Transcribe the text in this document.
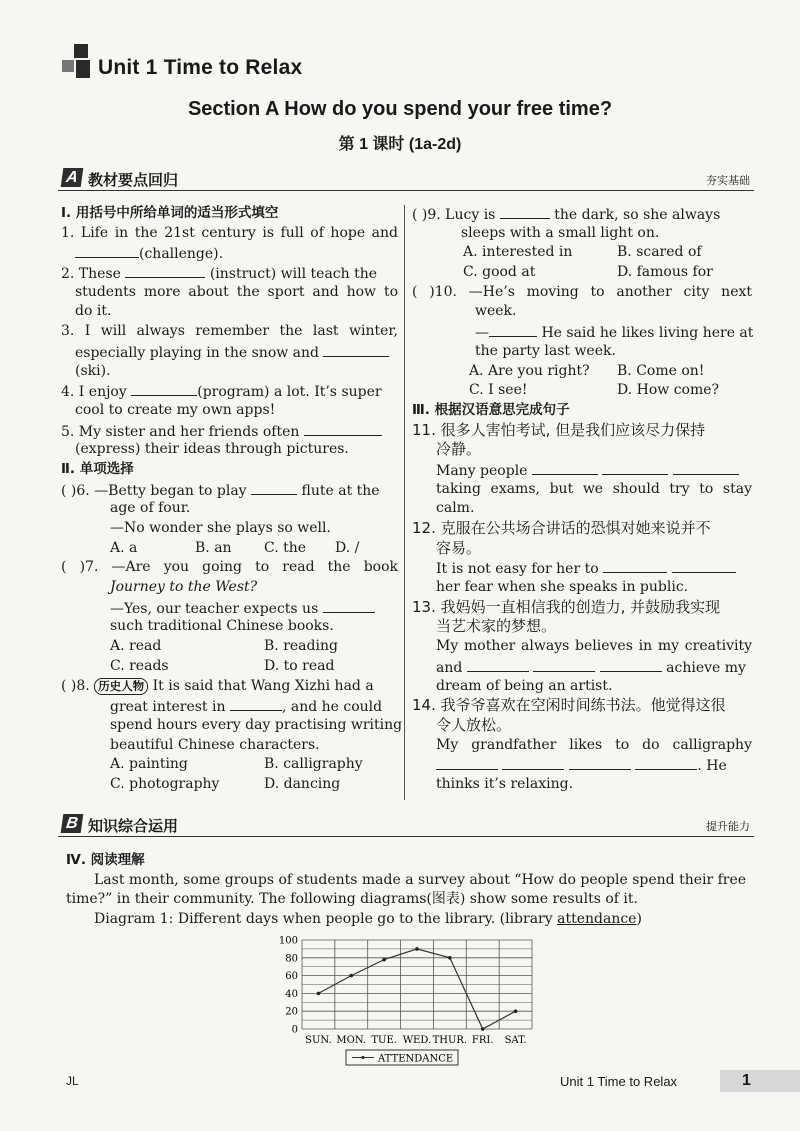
Unit 1 Time to Relax
Section A How do you spend your free time?
第 1 课时 (1a-2d)
A 教材要点回归	夯实基础
Ⅰ. 用括号中所给单词的适当形式填空
1. Life in the 21st century is full of hope and
(challenge).
2. These	(instruct) will teach the
students more about the sport and how to
do it.
3. I will always remember the last winter,
especially playing in the snow and
(ski).
4. I enjoy	(program) a lot. It’s super
cool to create my own apps!
5. My sister and her friends often
(express) their ideas through pictures.
Ⅱ. 单项选择
( )6. —Betty began to play	flute at the
age of four.
—No wonder she plays so well.
A. a	B. an C. the D. /
( )7. —Are you going to read the book
Journey to the West?
—Yes, our teacher expects us
such traditional Chinese books.
A. read	B. reading
C. reads	D. to read
( )8. 历史人物 It is said that Wang Xizhi had a
great interest in	, and he could
spend hours every day practising writing
beautiful Chinese characters.
A. painting	B. calligraphy
C. photography	D. dancing
( )9. Lucy is	the dark, so she always
sleeps with a small light on.
A. interested in	B. scared of
C. good at	D. famous for
( )10. —He’s moving to another city next
week.
—	He said he likes living here at
the party last week.
A. Are you right? B. Come on!
C. I see!	D. How come?
Ⅲ. 根据汉语意思完成句子
11. 很多人害怕考试, 但是我们应该尽力保持
冷静。
Many people
taking exams, but we should try to stay
calm.
12. 克服在公共场合讲话的恐惧对她来说并不
容易。
It is not easy for her to
her fear when she speaks in public.
13. 我妈妈一直相信我的创造力, 并鼓励我实现
当艺术家的梦想。
My mother always believes in my creativity
and	achieve my
dream of being an artist.
14. 我爷爷喜欢在空闲时间练书法。他觉得这很
令人放松。
My grandfather likes to do calligraphy
. He
thinks it’s relaxing.
B 知识综合运用	提升能力
Ⅳ. 阅读理解
Last month, some groups of students made a survey about “How do people spend their free
time?” in their community. The following diagrams(图表) show some results of it.
Diagram 1: Different days when people go to the library. (library attendance)
0
20
40
60
80
100
SUN. MON. TUE. WED. THUR. FRI. SAT.
ATTENDANCE
JL	Unit 1 Time to Relax	1
